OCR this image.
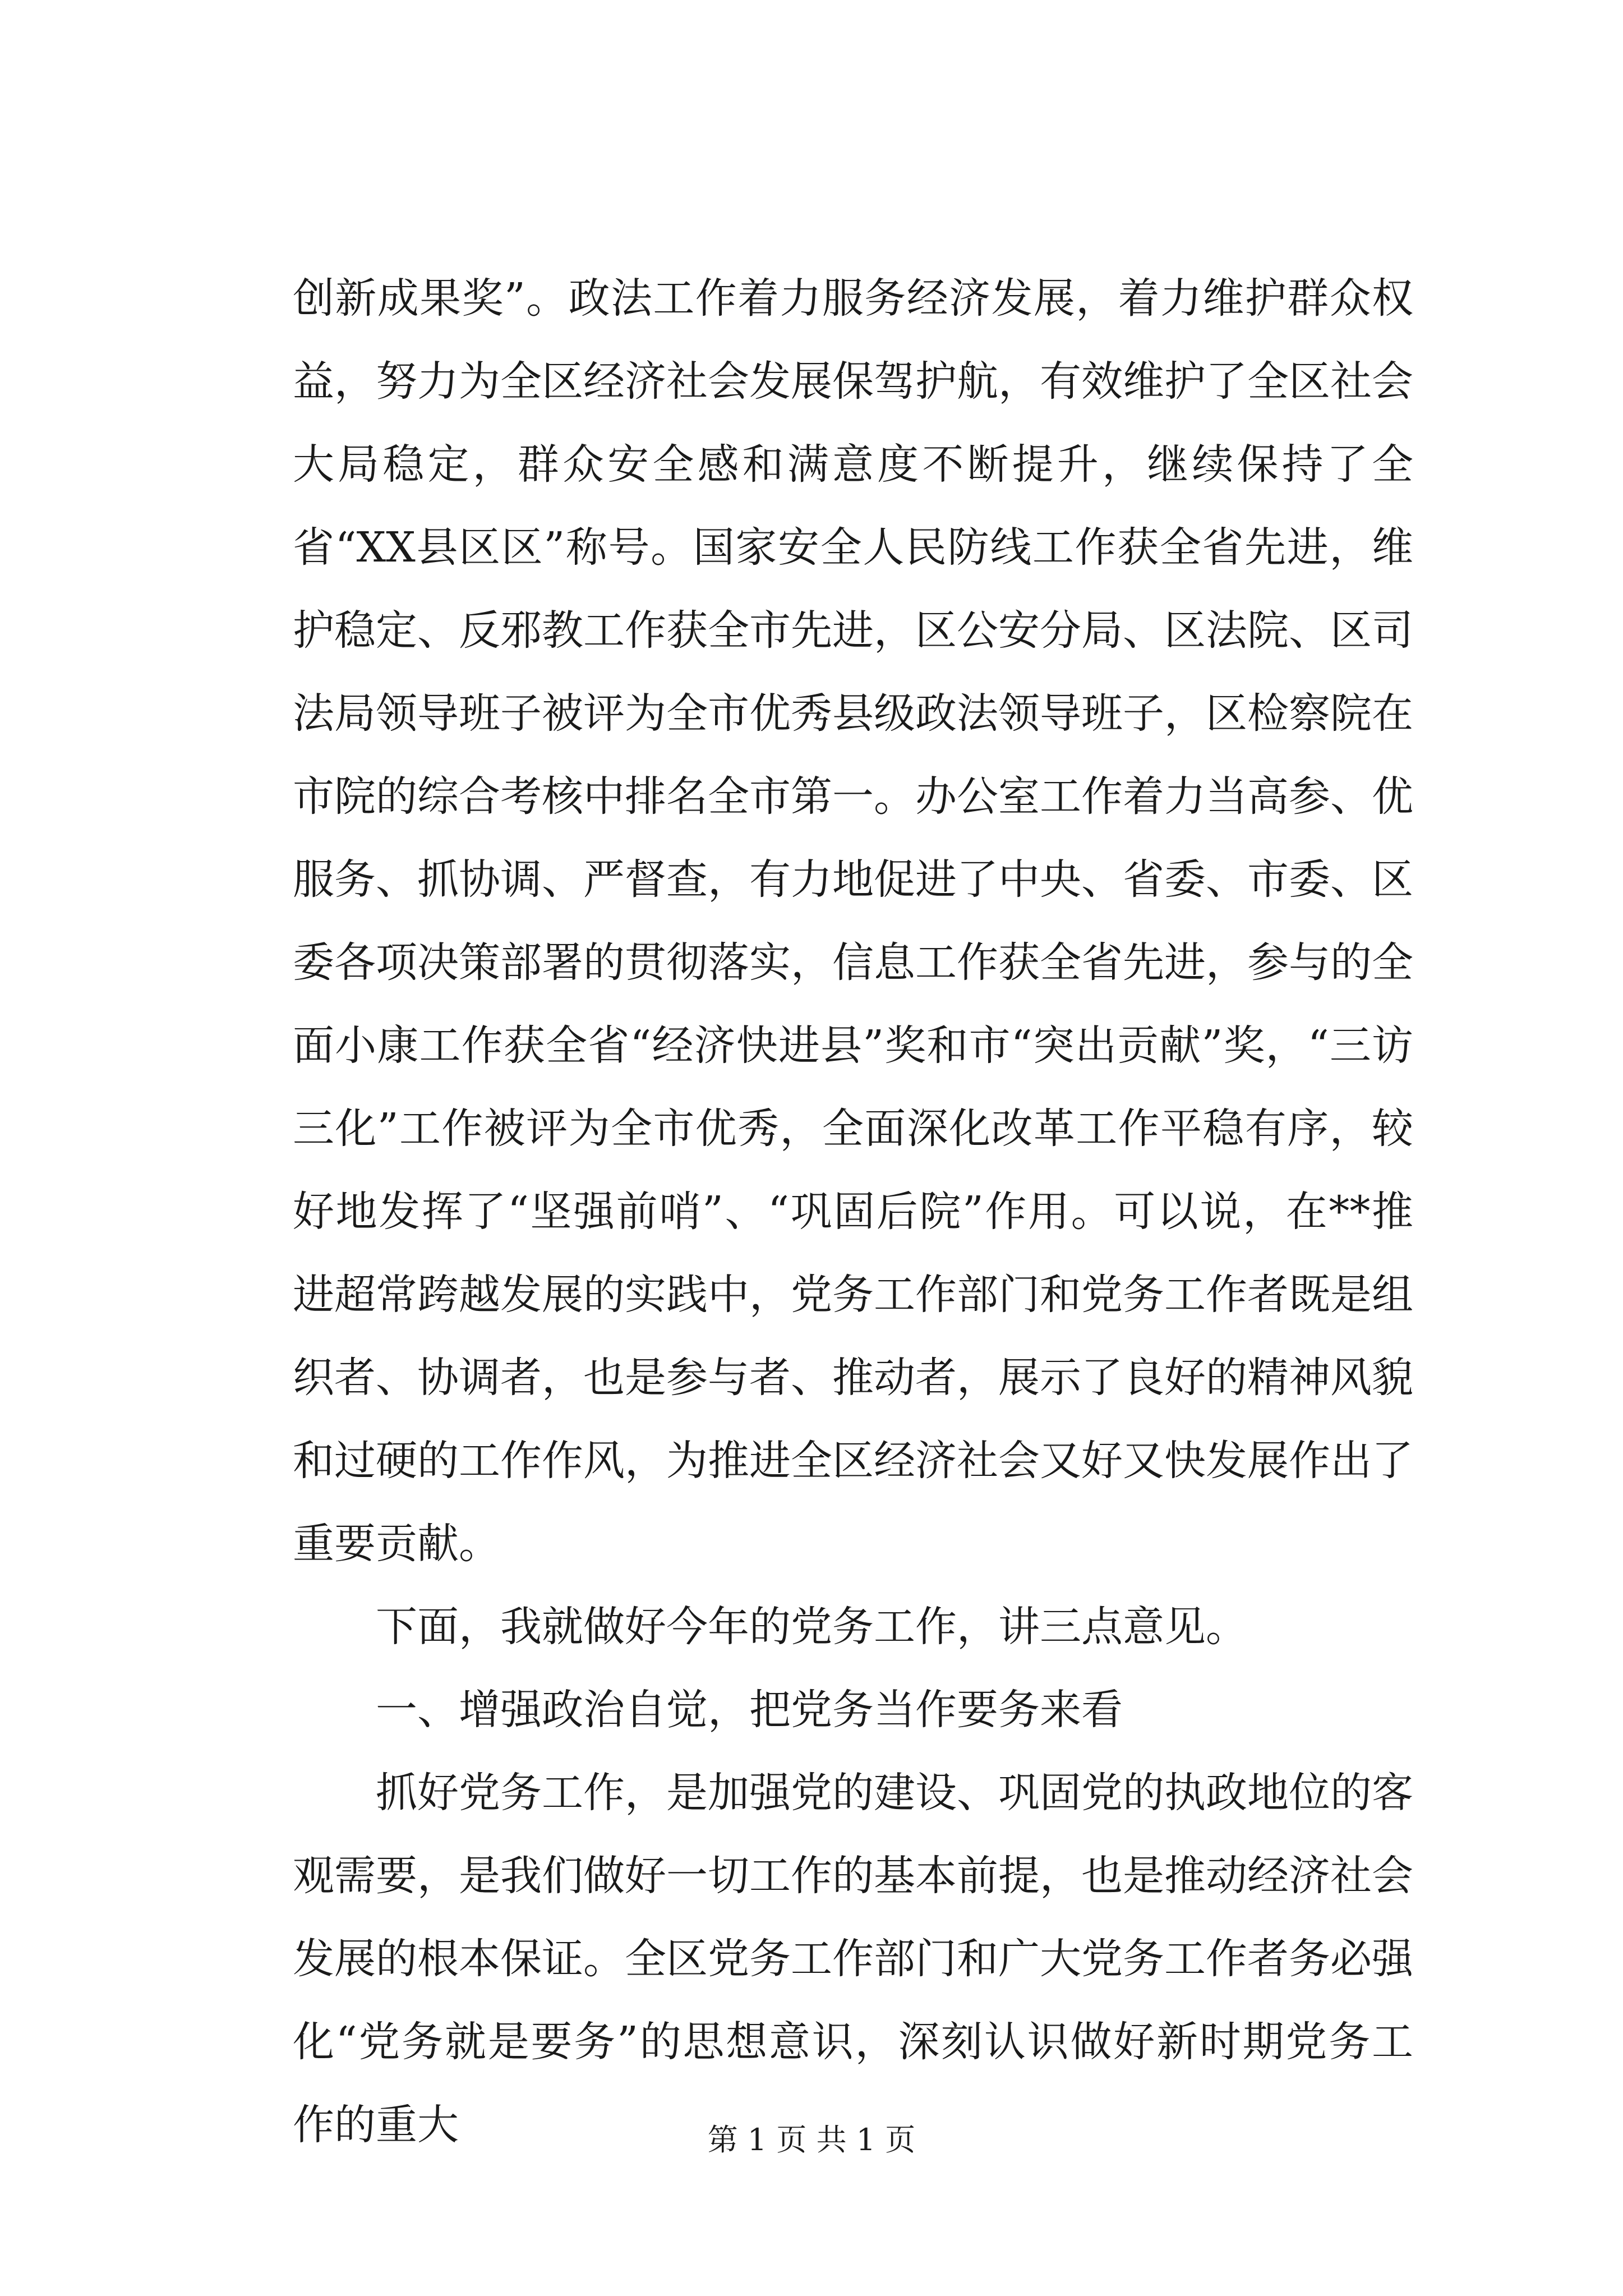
创新成果奖”。政法工作着力服务经济发展，着力维护群众权益，努力为全区经济社会发展保驾护航，有效维护了全区社会大局稳定，群众安全感和满意度不断提升，继续保持了全省“XX县区区”称号。国家安全人民防线工作获全省先进，维护稳定、反邪教工作获全市先进，区公安分局、区法院、区司法局领导班子被评为全市优秀县级政法领导班子，区检察院在市院的综合考核中排名全市第一。办公室工作着力当高参、优服务、抓协调、严督查，有力地促进了中央、省委、市委、区委各项决策部署的贯彻落实，信息工作获全省先进，参与的全面小康工作获全省“经济快进县”奖和市“突出贡献”奖，“三访三化”工作被评为全市优秀，全面深化改革工作平稳有序，较好地发挥了“坚强前哨”、“巩固后院”作用。可以说，在**推进超常跨越发展的实践中，党务工作部门和党务工作者既是组织者、协调者，也是参与者、推动者，展示了良好的精神风貌和过硬的工作作风，为推进全区经济社会又好又快发展作出了重要贡献。

下面，我就做好今年的党务工作，讲三点意见。

一、增强政治自觉，把党务当作要务来看

抓好党务工作，是加强党的建设、巩固党的执政地位的客观需要，是我们做好一切工作的基本前提，也是推动经济社会发展的根本保证。全区党务工作部门和广大党务工作者务必强化“党务就是要务”的思想意识，深刻认识做好新时期党务工作的重大	第 1 页 共 1 页
